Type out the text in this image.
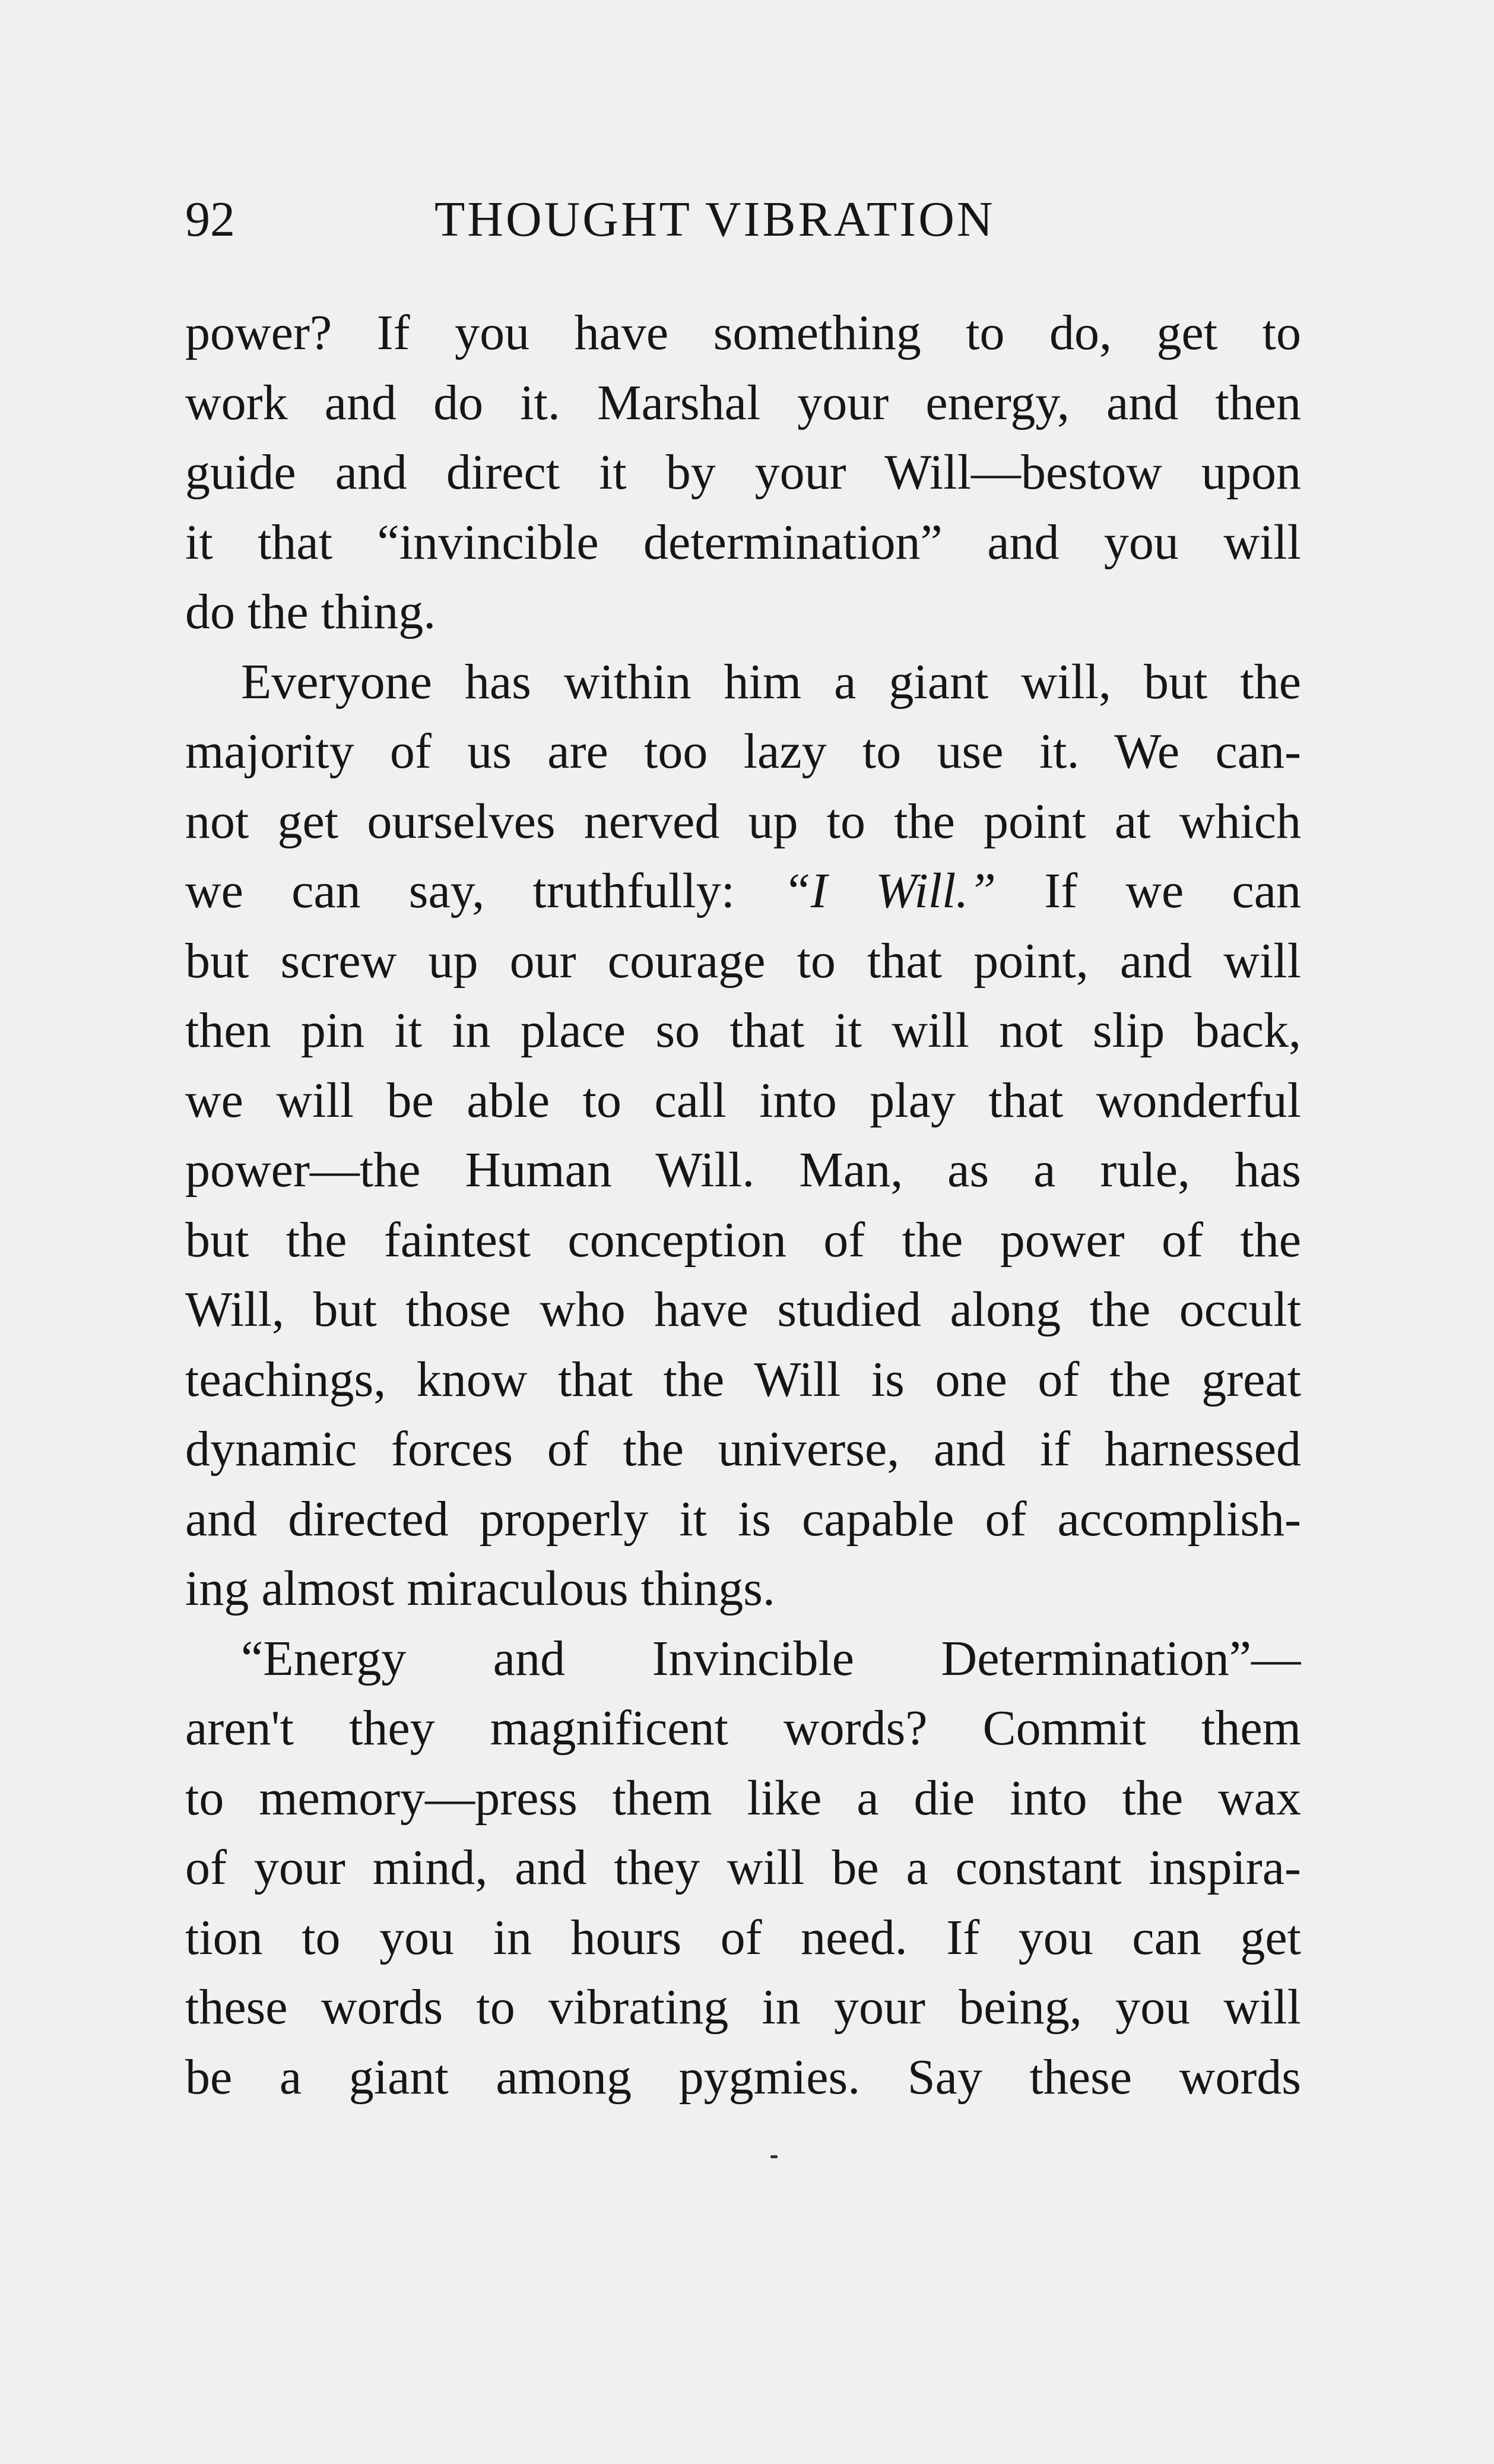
92	THOUGHT VIBRATION
power? If you have something to do, get to
work and do it. Marshal your energy, and then
guide and direct it by your Will—bestow upon
it that “invincible determination” and you will
do the thing.
Everyone has within him a giant will, but the
majority of us are too lazy to use it. We can-
not get ourselves nerved up to the point at which
we can say, truthfully: “I Will.” If we can
but screw up our courage to that point, and will
then pin it in place so that it will not slip back,
we will be able to call into play that wonderful
power—the Human Will. Man, as a rule, has
but the faintest conception of the power of the
Will, but those who have studied along the occult
teachings, know that the Will is one of the great
dynamic forces of the universe, and if harnessed
and directed properly it is capable of accomplish-
ing almost miraculous things.
“Energy and Invincible Determination”—
aren't they magnificent words? Commit them
to memory—press them like a die into the wax
of your mind, and they will be a constant inspira-
tion to you in hours of need. If you can get
these words to vibrating in your being, you will
be a giant among pygmies. Say these words
